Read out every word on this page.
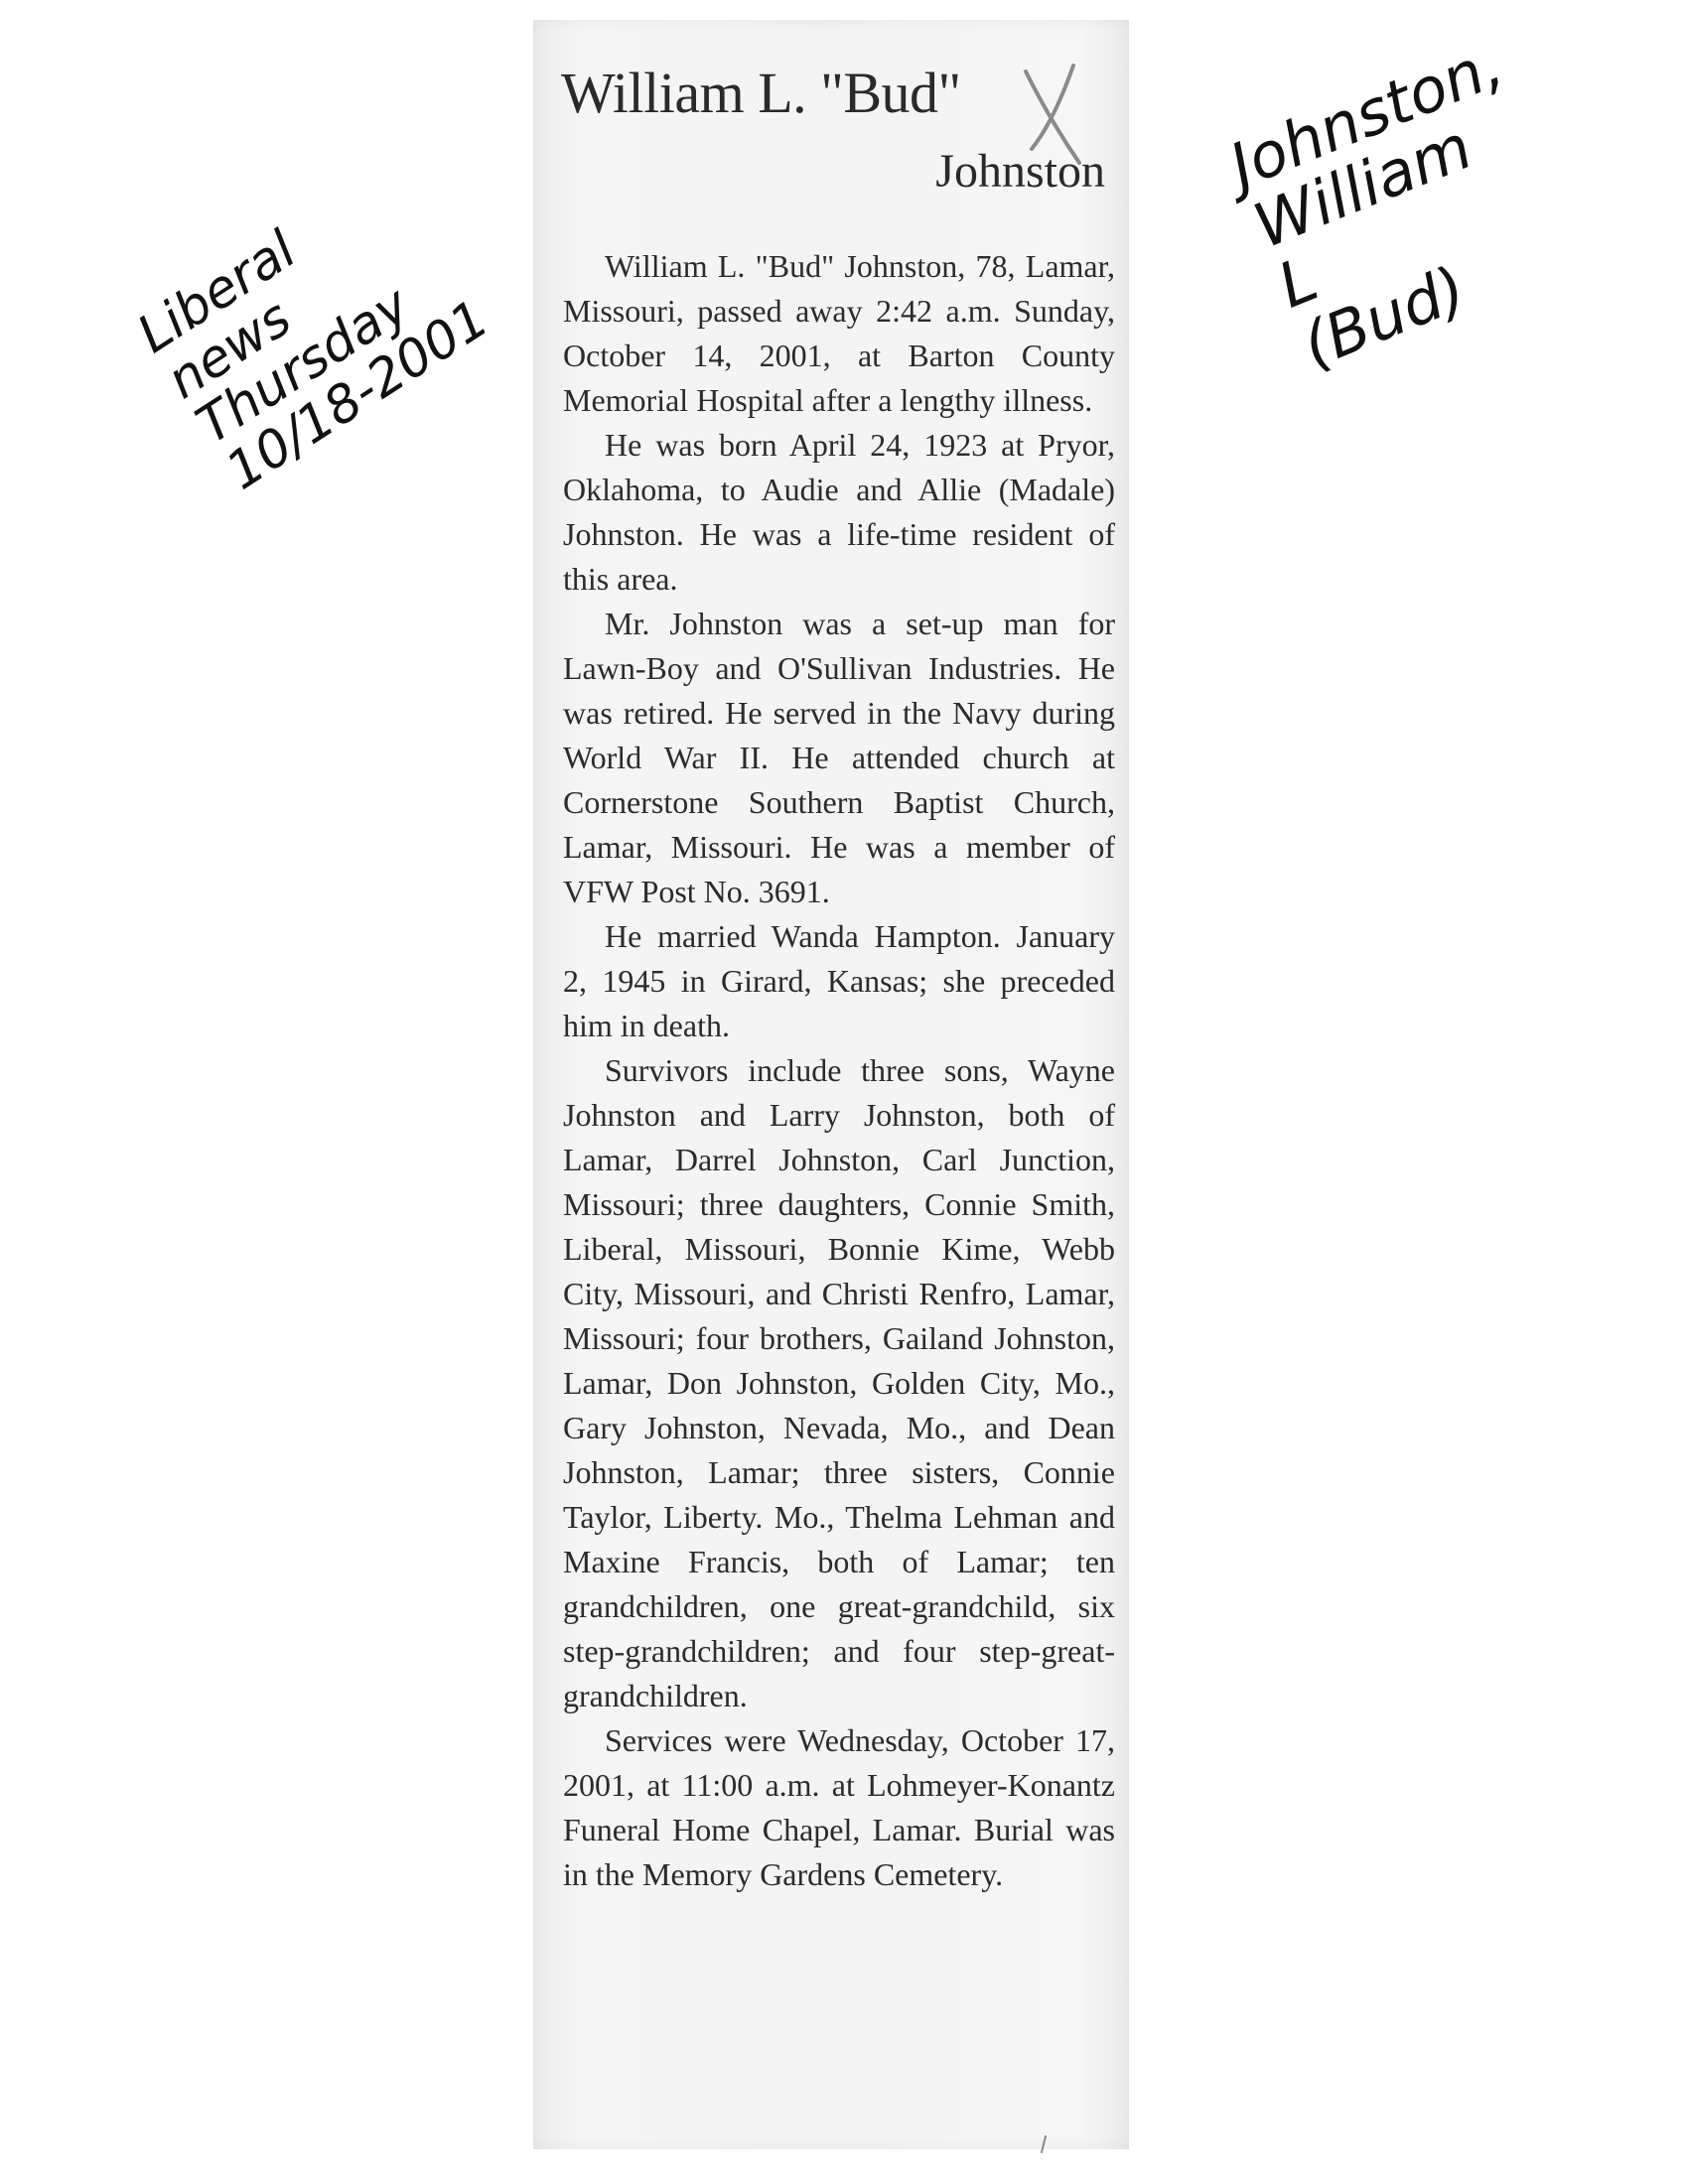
William L. "Bud"
Johnston

William L. "Bud" Johnston, 78, Lamar, Missouri, passed away 2:42 a.m. Sunday, October 14, 2001, at Barton County Memorial Hospital after a lengthy illness.

He was born April 24, 1923 at Pryor, Oklahoma, to Audie and Allie (Madale) Johnston. He was a life-time resident of this area.

Mr. Johnston was a set-up man for Lawn-Boy and O'Sullivan Industries. He was retired. He served in the Navy during World War II. He attended church at Cornerstone Southern Baptist Church, Lamar, Missouri. He was a member of VFW Post No. 3691.

He married Wanda Hampton. January 2, 1945 in Girard, Kansas; she preceded him in death.

Survivors include three sons, Wayne Johnston and Larry Johnston, both of Lamar, Darrel Johnston, Carl Junction, Missouri; three daughters, Connie Smith, Liberal, Missouri, Bonnie Kime, Webb City, Missouri, and Christi Renfro, Lamar, Missouri; four brothers, Gailand Johnston, Lamar, Don Johnston, Golden City, Mo., Gary Johnston, Nevada, Mo., and Dean Johnston, Lamar; three sisters, Connie Taylor, Liberty. Mo., Thelma Lehman and Maxine Francis, both of Lamar; ten grandchildren, one great-grandchild, six step-grandchildren; and four step-great-grandchildren.

Services were Wednesday, October 17, 2001, at 11:00 a.m. at Lohmeyer-Konantz Funeral Home Chapel, Lamar. Burial was in the Memory Gardens Cemetery.

Liberal
news
Thursday
10/18-2001
Johnston,
William
L
(Bud)
